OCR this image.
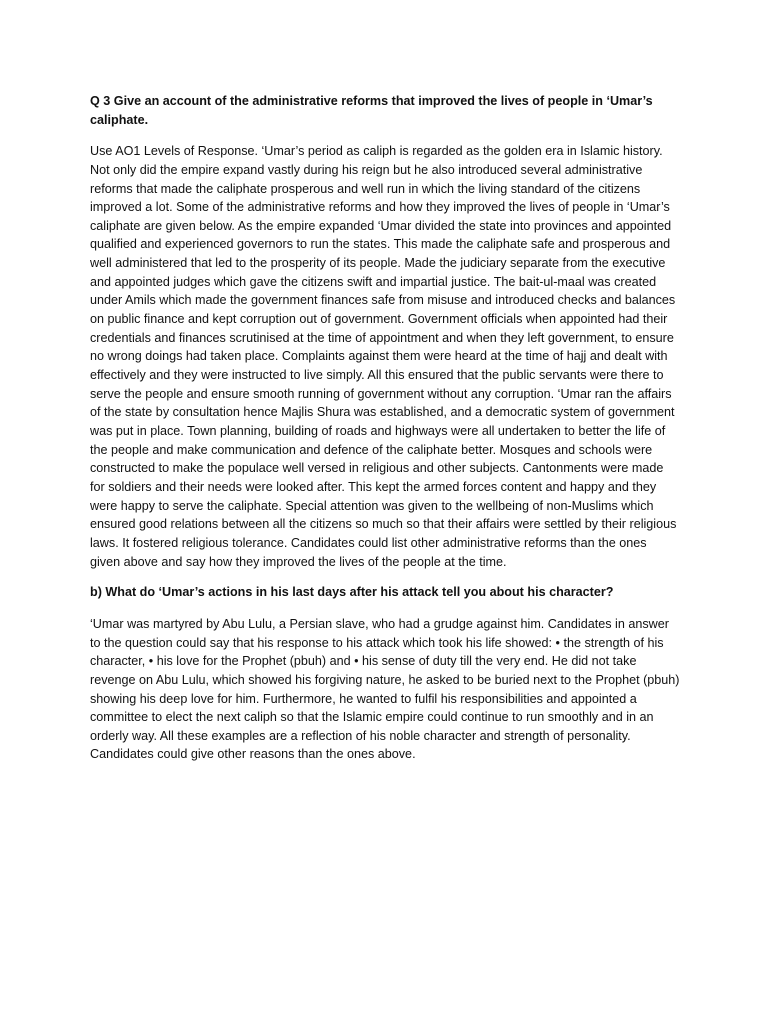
Q 3 Give an account of the administrative reforms that improved the lives of people in ‘Umar’s caliphate.

Use AO1 Levels of Response. ‘Umar’s period as caliph is regarded as the golden era in Islamic history. Not only did the empire expand vastly during his reign but he also introduced several administrative reforms that made the caliphate prosperous and well run in which the living standard of the citizens improved a lot. Some of the administrative reforms and how they improved the lives of people in ‘Umar’s caliphate are given below. As the empire expanded ‘Umar divided the state into provinces and appointed qualified and experienced governors to run the states. This made the caliphate safe and prosperous and well administered that led to the prosperity of its people. Made the judiciary separate from the executive and appointed judges which gave the citizens swift and impartial justice. The bait-ul-maal was created under Amils which made the government finances safe from misuse and introduced checks and balances on public finance and kept corruption out of government. Government officials when appointed had their credentials and finances scrutinised at the time of appointment and when they left government, to ensure no wrong doings had taken place. Complaints against them were heard at the time of hajj and dealt with effectively and they were instructed to live simply. All this ensured that the public servants were there to serve the people and ensure smooth running of government without any corruption. ‘Umar ran the affairs of the state by consultation hence Majlis Shura was established, and a democratic system of government was put in place. Town planning, building of roads and highways were all undertaken to better the life of the people and make communication and defence of the caliphate better. Mosques and schools were constructed to make the populace well versed in religious and other subjects. Cantonments were made for soldiers and their needs were looked after. This kept the armed forces content and happy and they were happy to serve the caliphate. Special attention was given to the wellbeing of non-Muslims which ensured good relations between all the citizens so much so that their affairs were settled by their religious laws. It fostered religious tolerance. Candidates could list other administrative reforms than the ones given above and say how they improved the lives of the people at the time.

b) What do ‘Umar’s actions in his last days after his attack tell you about his character?

‘Umar was martyred by Abu Lulu, a Persian slave, who had a grudge against him. Candidates in answer to the question could say that his response to his attack which took his life showed: • the strength of his character, • his love for the Prophet (pbuh) and • his sense of duty till the very end. He did not take revenge on Abu Lulu, which showed his forgiving nature, he asked to be buried next to the Prophet (pbuh) showing his deep love for him. Furthermore, he wanted to fulfil his responsibilities and appointed a committee to elect the next caliph so that the Islamic empire could continue to run smoothly and in an orderly way. All these examples are a reflection of his noble character and strength of personality. Candidates could give other reasons than the ones above.
